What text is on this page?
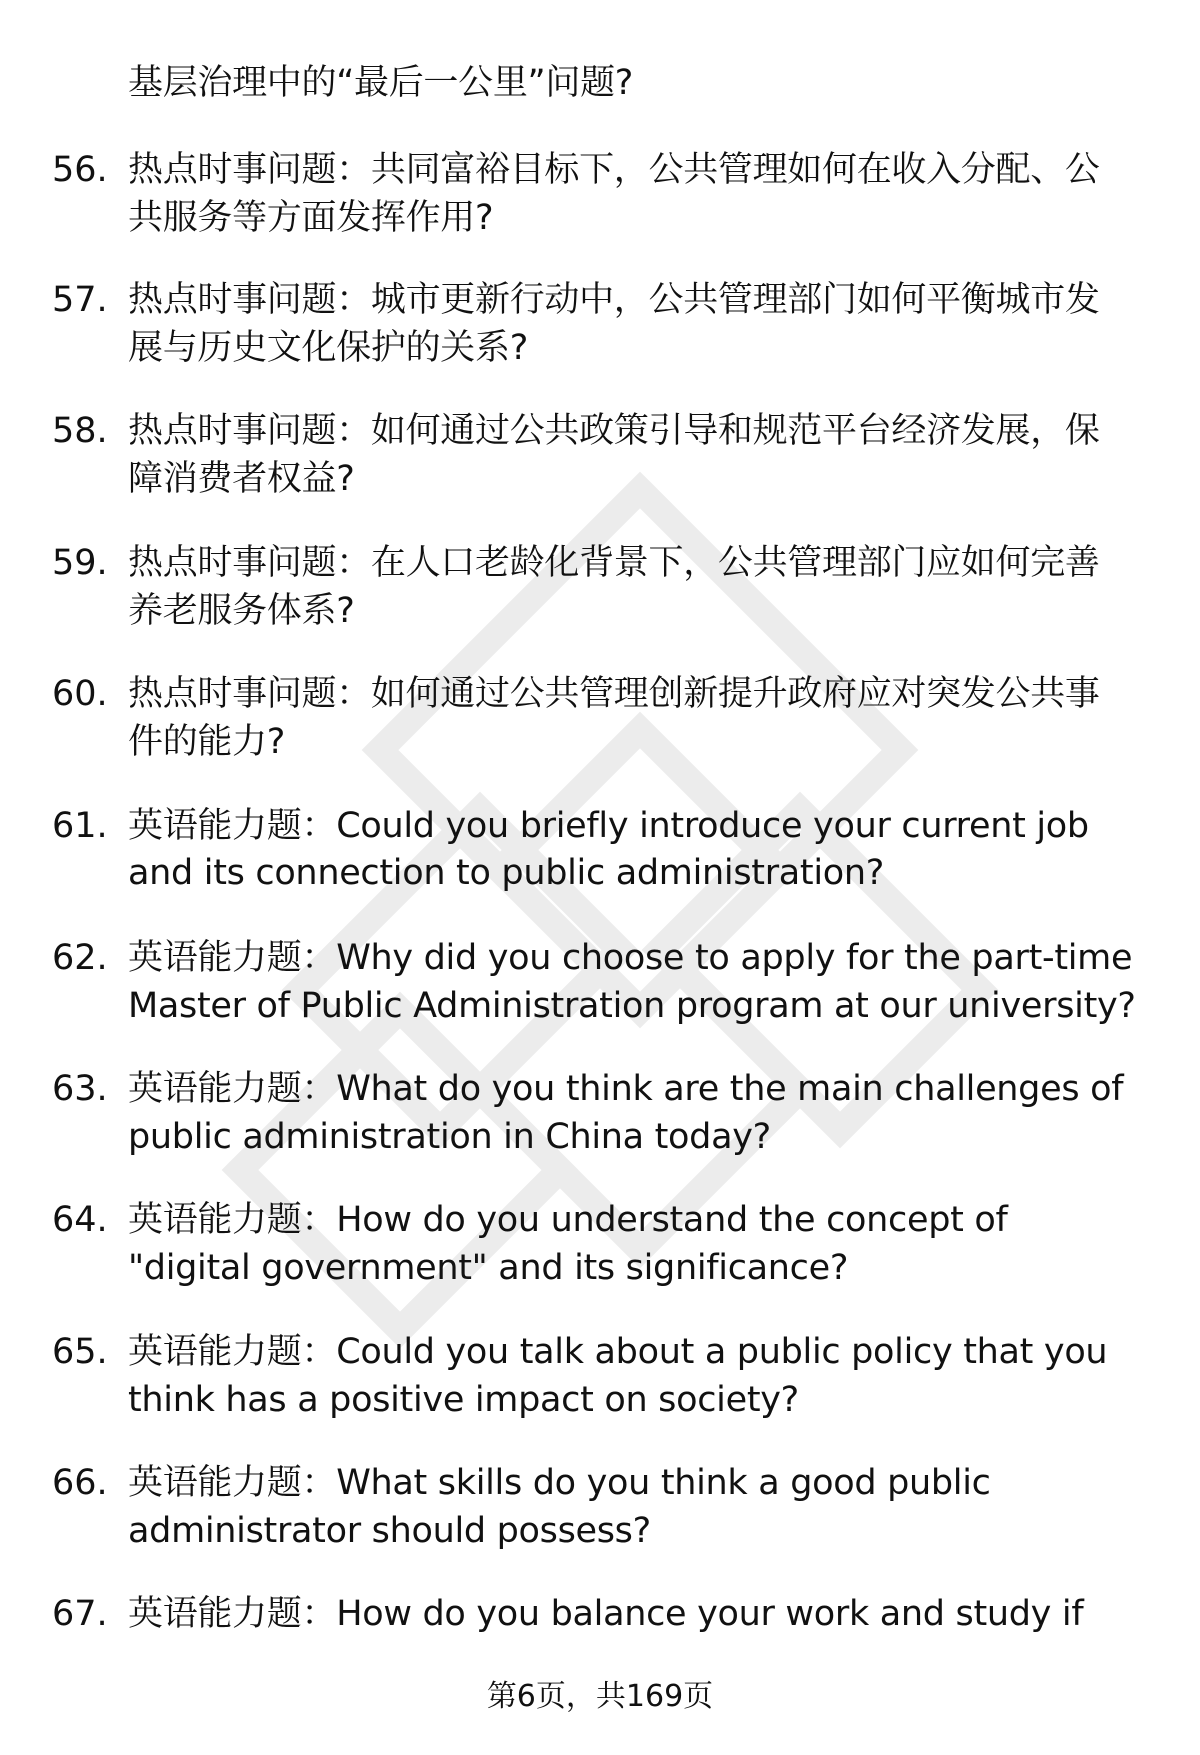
基层治理中的“最后一公里”问题?
56. 热点时事问题：共同富裕目标下，公共管理如何在收入分配、公
共服务等方面发挥作用?
57. 热点时事问题：城市更新行动中，公共管理部门如何平衡城市发
展与历史文化保护的关系?
58. 热点时事问题：如何通过公共政策引导和规范平台经济发展，保
障消费者权益?
59. 热点时事问题：在人口老龄化背景下，公共管理部门应如何完善
养老服务体系?
60. 热点时事问题：如何通过公共管理创新提升政府应对突发公共事
件的能力?
61. 英语能力题：Could you briefly introduce your current job
and its connection to public administration?
62. 英语能力题：Why did you choose to apply for the part-time
Master of Public Administration program at our university?
63. 英语能力题：What do you think are the main challenges of
public administration in China today?
64. 英语能力题：How do you understand the concept of
"digital government" and its significance?
65. 英语能力题：Could you talk about a public policy that you
think has a positive impact on society?
66. 英语能力题：What skills do you think a good public
administrator should possess?
67. 英语能力题：How do you balance your work and study if
第6页，共169页
